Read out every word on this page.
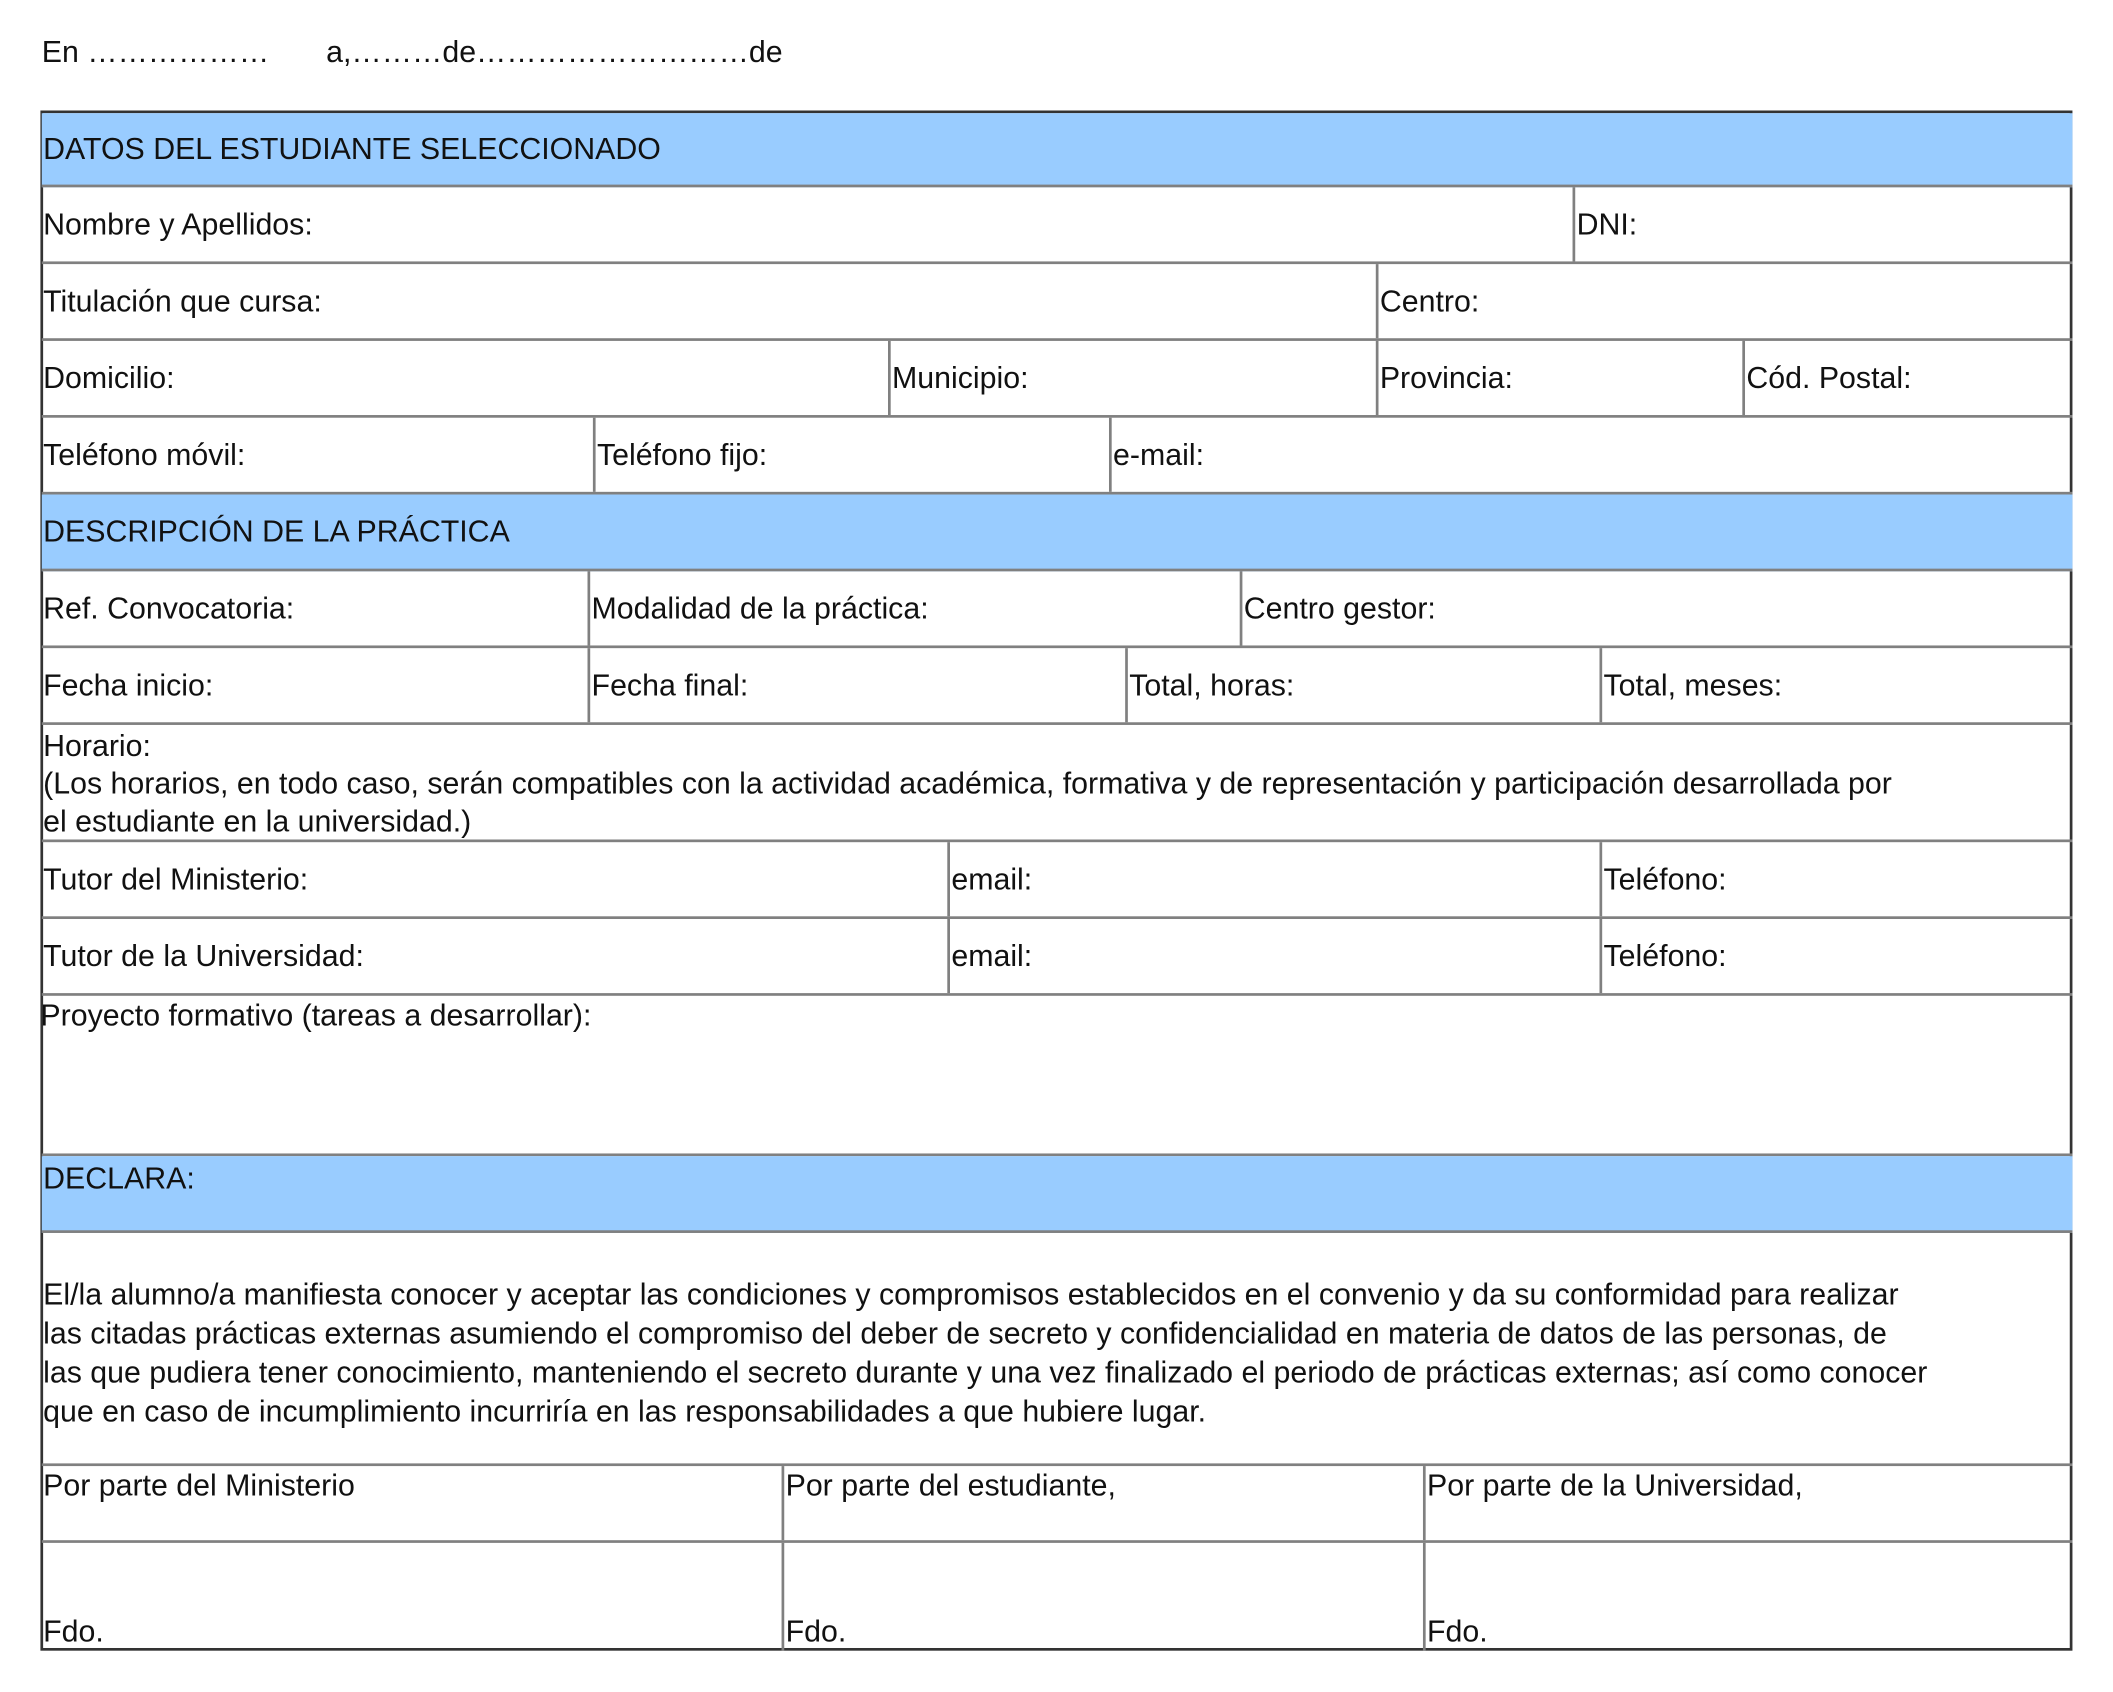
En ………………	a,………de………………………de
DATOS DEL ESTUDIANTE SELECCIONADO
Nombre y Apellidos:	DNI:
Titulación que cursa:	Centro:
Domicilio:	Municipio:	Provincia:	Cód. Postal:
Teléfono móvil:	Teléfono fijo:	e-mail:
DESCRIPCIÓN DE LA PRÁCTICA
Ref. Convocatoria:	Modalidad de la práctica:	Centro gestor:
Fecha inicio:	Fecha final:	Total, horas:	Total, meses:
Horario:
(Los horarios, en todo caso, serán compatibles con la actividad académica, formativa y de representación y participación desarrollada por
el estudiante en la universidad.)
Tutor del Ministerio:	email:	Teléfono:
Tutor de la Universidad:	email:	Teléfono:
Proyecto formativo (tareas a desarrollar):
DECLARA:
El/la alumno/a manifiesta conocer y aceptar las condiciones y compromisos establecidos en el convenio y da su conformidad para realizar
las citadas prácticas externas asumiendo el compromiso del deber de secreto y confidencialidad en materia de datos de las personas, de
las que pudiera tener conocimiento, manteniendo el secreto durante y una vez finalizado el periodo de prácticas externas; así como conocer
que en caso de incumplimiento incurriría en las responsabilidades a que hubiere lugar.
Por parte del Ministerio	Por parte del estudiante,	Por parte de la Universidad,
Fdo.	Fdo.	Fdo.
